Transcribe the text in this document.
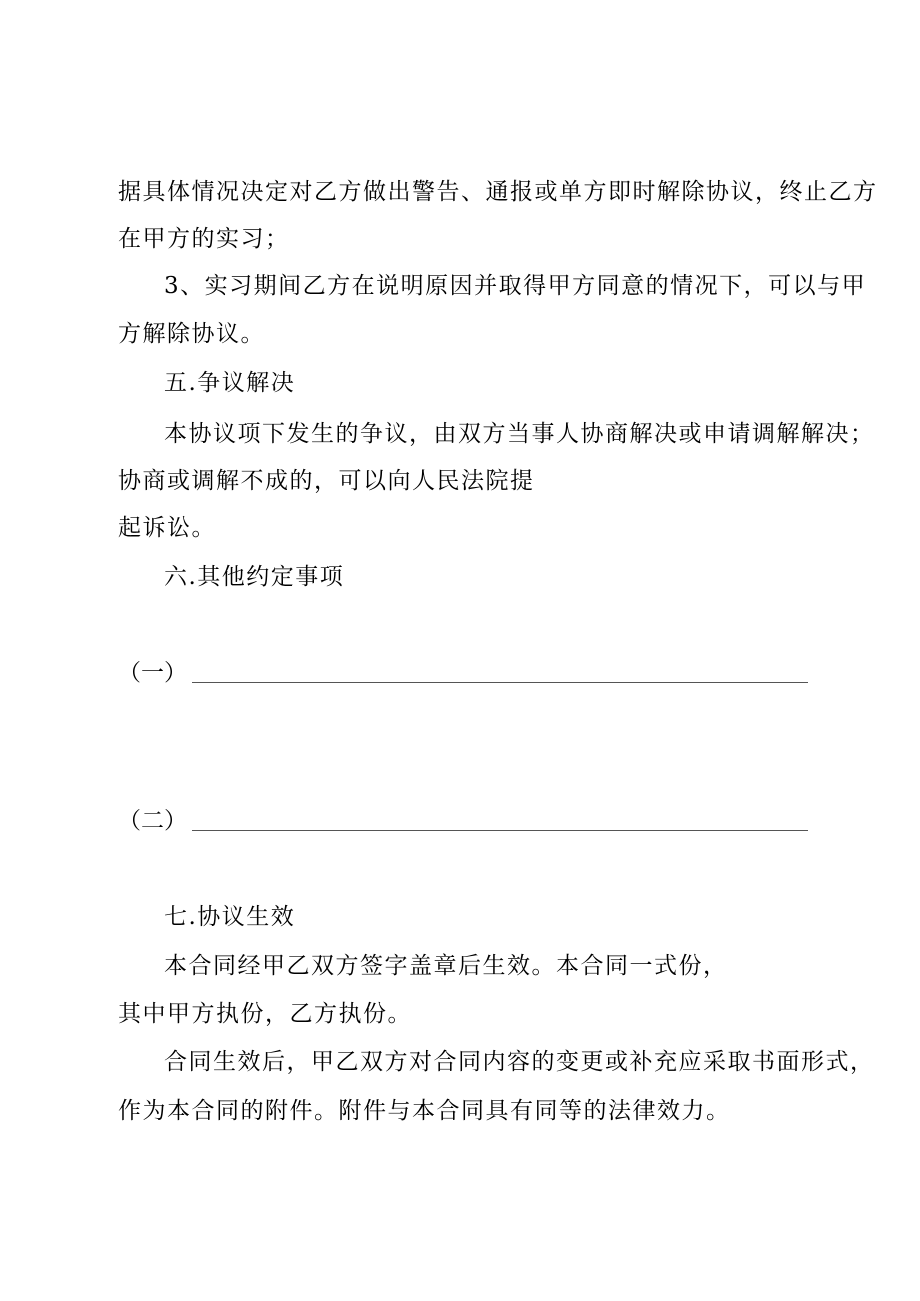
据具体情况决定对乙方做出警告、通报或单方即时解除协议，终止乙方
在甲方的实习；
3、实习期间乙方在说明原因并取得甲方同意的情况下，可以与甲
方解除协议。
五.争议解决
本协议项下发生的争议，由双方当事人协商解决或申请调解解决；
协商或调解不成的，可以向人民法院提
起诉讼。
六.其他约定事项
（一）
（二）
七.协议生效
本合同经甲乙双方签字盖章后生效。本合同一式份，
其中甲方执份，乙方执份。
合同生效后，甲乙双方对合同内容的变更或补充应采取书面形式，
作为本合同的附件。附件与本合同具有同等的法律效力。
